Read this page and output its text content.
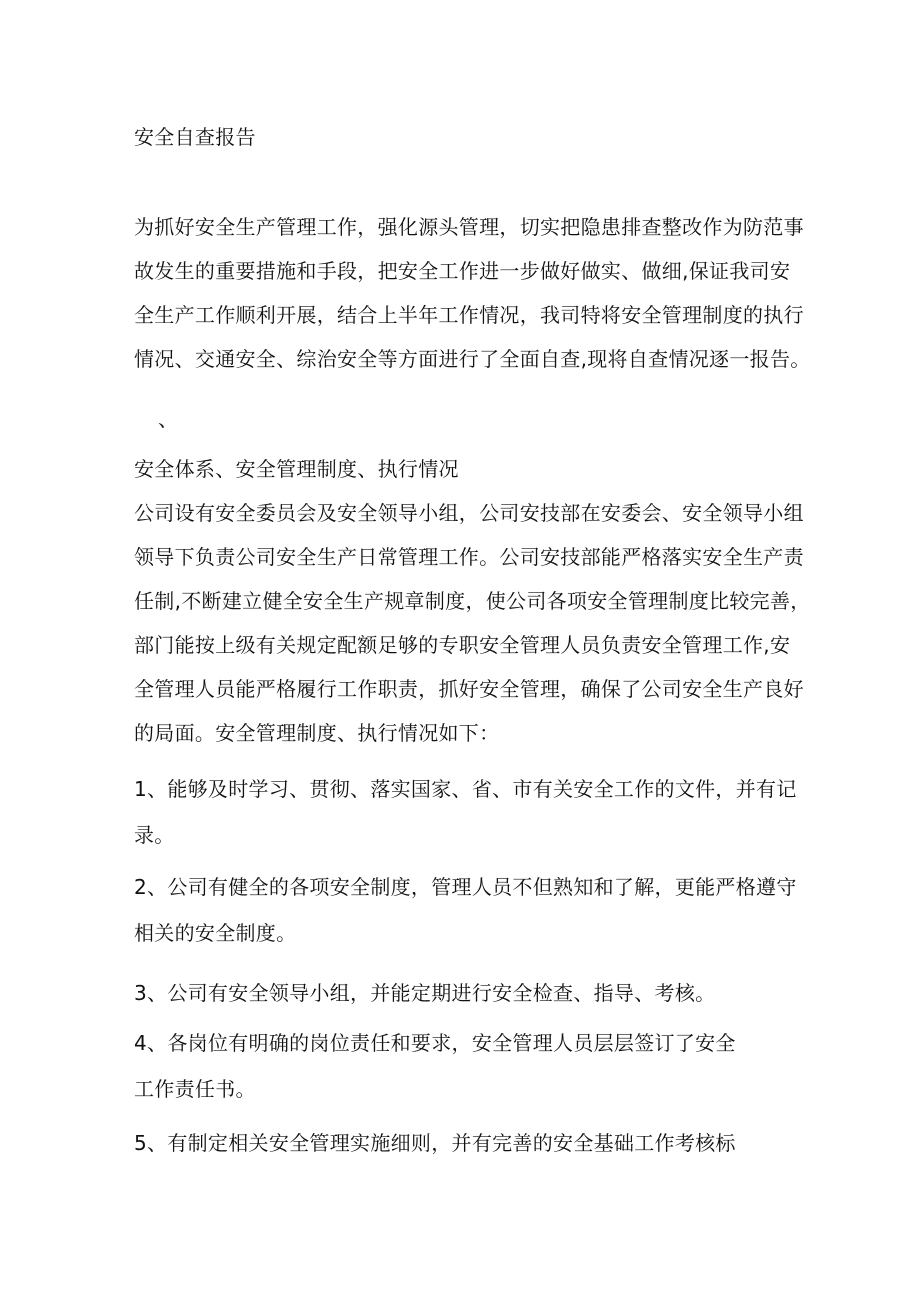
安全自查报告
为抓好安全生产管理工作，强化源头管理，切实把隐患排查整改作为防范事
故发生的重要措施和手段，把安全工作进一步做好做实、做细,保证我司安
全生产工作顺利开展，结合上半年工作情况，我司特将安全管理制度的执行
情况、交通安全、综治安全等方面进行了全面自查,现将自查情况逐一报告。
、
安全体系、安全管理制度、执行情况
公司设有安全委员会及安全领导小组，公司安技部在安委会、安全领导小组
领导下负责公司安全生产日常管理工作。公司安技部能严格落实安全生产责
任制,不断建立健全安全生产规章制度，使公司各项安全管理制度比较完善，
部门能按上级有关规定配额足够的专职安全管理人员负责安全管理工作,安
全管理人员能严格履行工作职责，抓好安全管理，确保了公司安全生产良好
的局面。安全管理制度、执行情况如下：
1、能够及时学习、贯彻、落实国家、省、市有关安全工作的文件，并有记
录。
2、公司有健全的各项安全制度，管理人员不但熟知和了解，更能严格遵守
相关的安全制度。
3、公司有安全领导小组，并能定期进行安全检查、指导、考核。
4、各岗位有明确的岗位责任和要求，安全管理人员层层签订了安全
工作责任书。
5、有制定相关安全管理实施细则，并有完善的安全基础工作考核标
